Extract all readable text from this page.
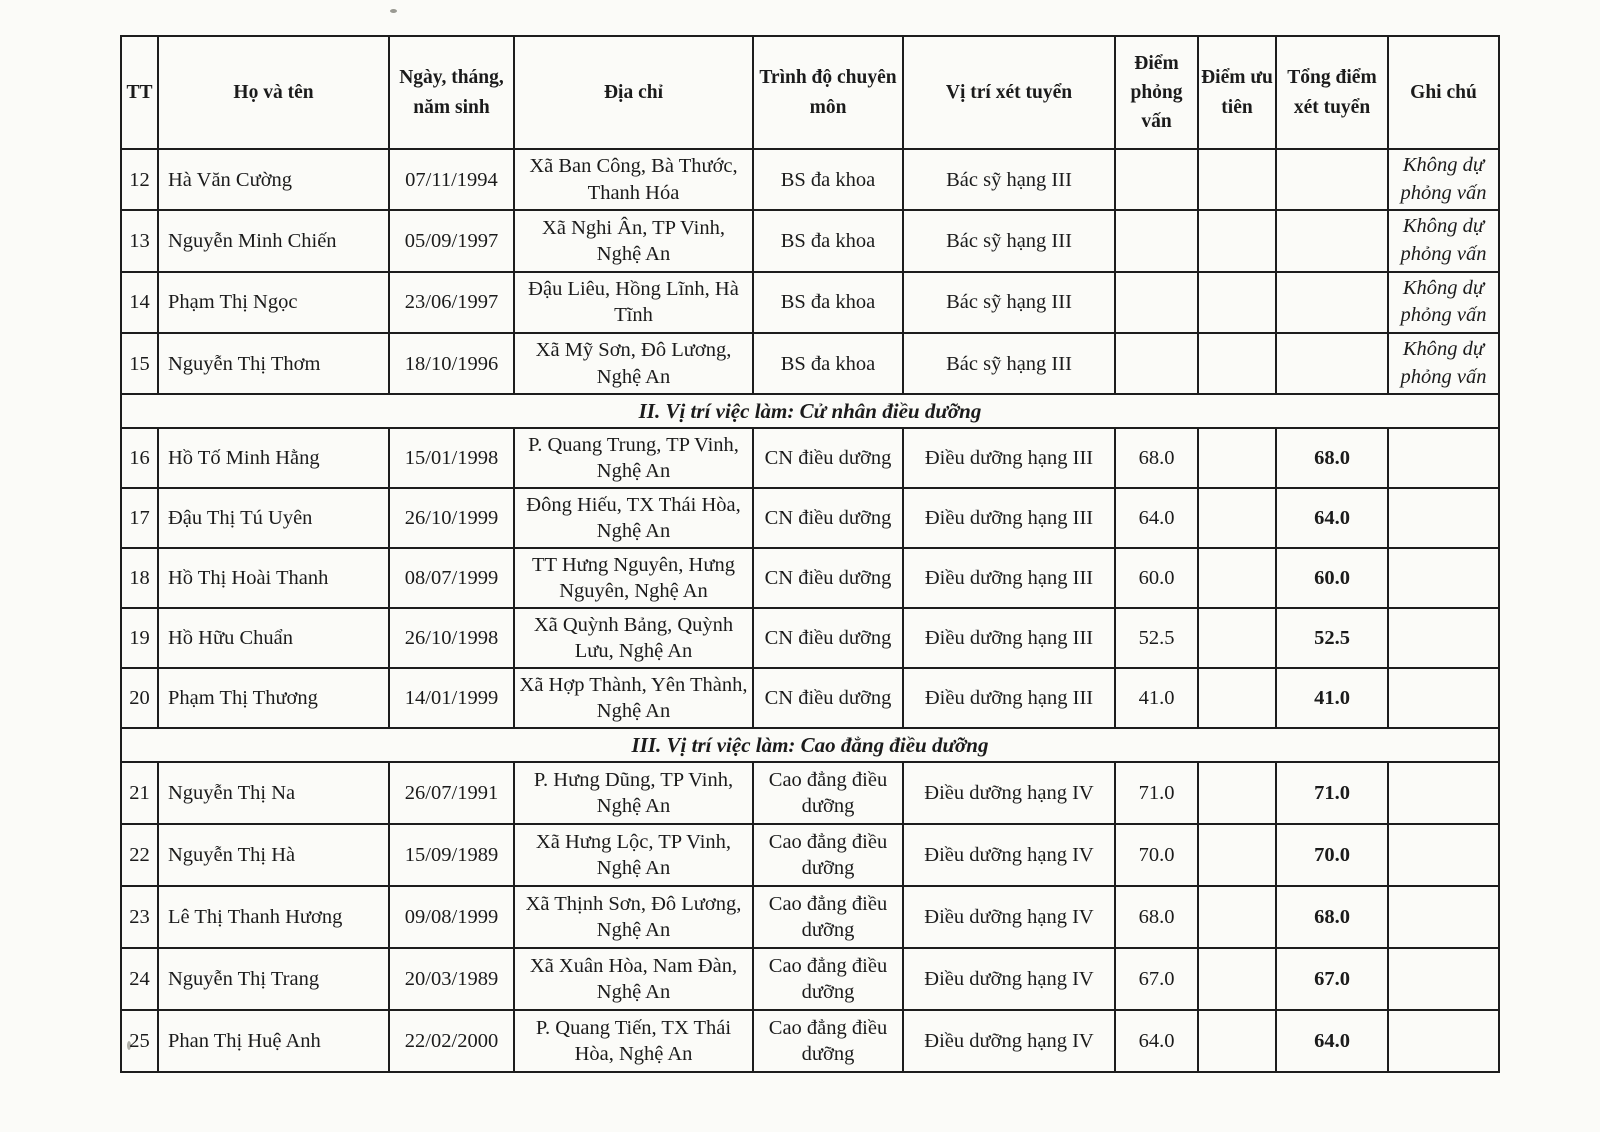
TT	Họ và tên	Ngày, tháng, năm sinh	Địa chỉ	Trình độ chuyên môn	Vị trí xét tuyển	Điểm phỏng vấn	Điểm ưu tiên	Tổng điểm xét tuyển	Ghi chú
12	Hà Văn Cường	07/11/1994	Xã Ban Công, Bà Thước, Thanh Hóa	BS đa khoa	Bác sỹ hạng III				Không dự phỏng vấn
13	Nguyễn Minh Chiến	05/09/1997	Xã Nghi Ân, TP Vinh, Nghệ An	BS đa khoa	Bác sỹ hạng III				Không dự phỏng vấn
14	Phạm Thị Ngọc	23/06/1997	Đậu Liêu, Hồng Lĩnh, Hà Tĩnh	BS đa khoa	Bác sỹ hạng III				Không dự phỏng vấn
15	Nguyễn Thị Thơm	18/10/1996	Xã Mỹ Sơn, Đô Lương, Nghệ An	BS đa khoa	Bác sỹ hạng III				Không dự phỏng vấn
II. Vị trí việc làm: Cử nhân điều dưỡng									
16	Hồ Tố Minh Hằng	15/01/1998	P. Quang Trung, TP Vinh, Nghệ An	CN điều dưỡng	Điều dưỡng hạng III	68.0		68.0	
17	Đậu Thị Tú Uyên	26/10/1999	Đông Hiếu, TX Thái Hòa, Nghệ An	CN điều dưỡng	Điều dưỡng hạng III	64.0		64.0	
18	Hồ Thị Hoài Thanh	08/07/1999	TT Hưng Nguyên, Hưng Nguyên, Nghệ An	CN điều dưỡng	Điều dưỡng hạng III	60.0		60.0	
19	Hồ Hữu Chuẩn	26/10/1998	Xã Quỳnh Bảng, Quỳnh Lưu, Nghệ An	CN điều dưỡng	Điều dưỡng hạng III	52.5		52.5	
20	Phạm Thị Thương	14/01/1999	Xã Hợp Thành, Yên Thành, Nghệ An	CN điều dưỡng	Điều dưỡng hạng III	41.0		41.0	
III. Vị trí việc làm: Cao đẳng điều dưỡng									
21	Nguyễn Thị Na	26/07/1991	P. Hưng Dũng, TP Vinh, Nghệ An	Cao đẳng điều dưỡng	Điều dưỡng hạng IV	71.0		71.0	
22	Nguyễn Thị Hà	15/09/1989	Xã Hưng Lộc, TP Vinh, Nghệ An	Cao đẳng điều dưỡng	Điều dưỡng hạng IV	70.0		70.0	
23	Lê Thị Thanh Hương	09/08/1999	Xã Thịnh Sơn, Đô Lương, Nghệ An	Cao đẳng điều dưỡng	Điều dưỡng hạng IV	68.0		68.0	
24	Nguyễn Thị Trang	20/03/1989	Xã Xuân Hòa, Nam Đàn, Nghệ An	Cao đẳng điều dưỡng	Điều dưỡng hạng IV	67.0		67.0	
25	Phan Thị Huệ Anh	22/02/2000	P. Quang Tiến, TX Thái Hòa, Nghệ An	Cao đẳng điều dưỡng	Điều dưỡng hạng IV	64.0		64.0	
